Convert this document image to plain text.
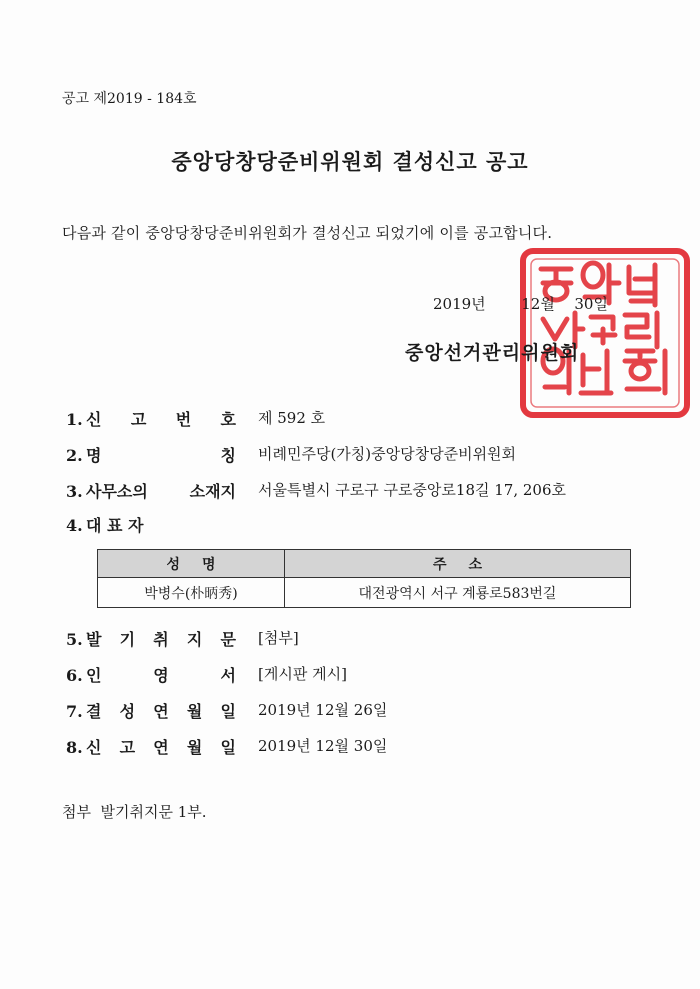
공고 제2019 - 184호
중앙당창당준비위원회 결성신고 공고
다음과 같이 중앙당창당준비위원회가 결성신고 되었기에 이를 공고합니다.
2019년 12월 30일
중앙선거관리위원회
1. 신 고 번 호	제 592 호
2. 명 칭	비례민주당(가칭)중앙당창당준비위원회
3. 사무소의 소재지	서울특별시 구로구 구로중앙로18길 17, 206호
4. 대 표 자
5. 발 기 취 지 문	[첨부]
6. 인 영 서	[게시판 게시]
7. 결 성 연 월 일	2019년 12월 26일
8. 신 고 연 월 일	2019년 12월 30일
성명	주소
박병수(朴昞秀)	대전광역시 서구 계룡로583번길
첨부  발기취지문 1부.
